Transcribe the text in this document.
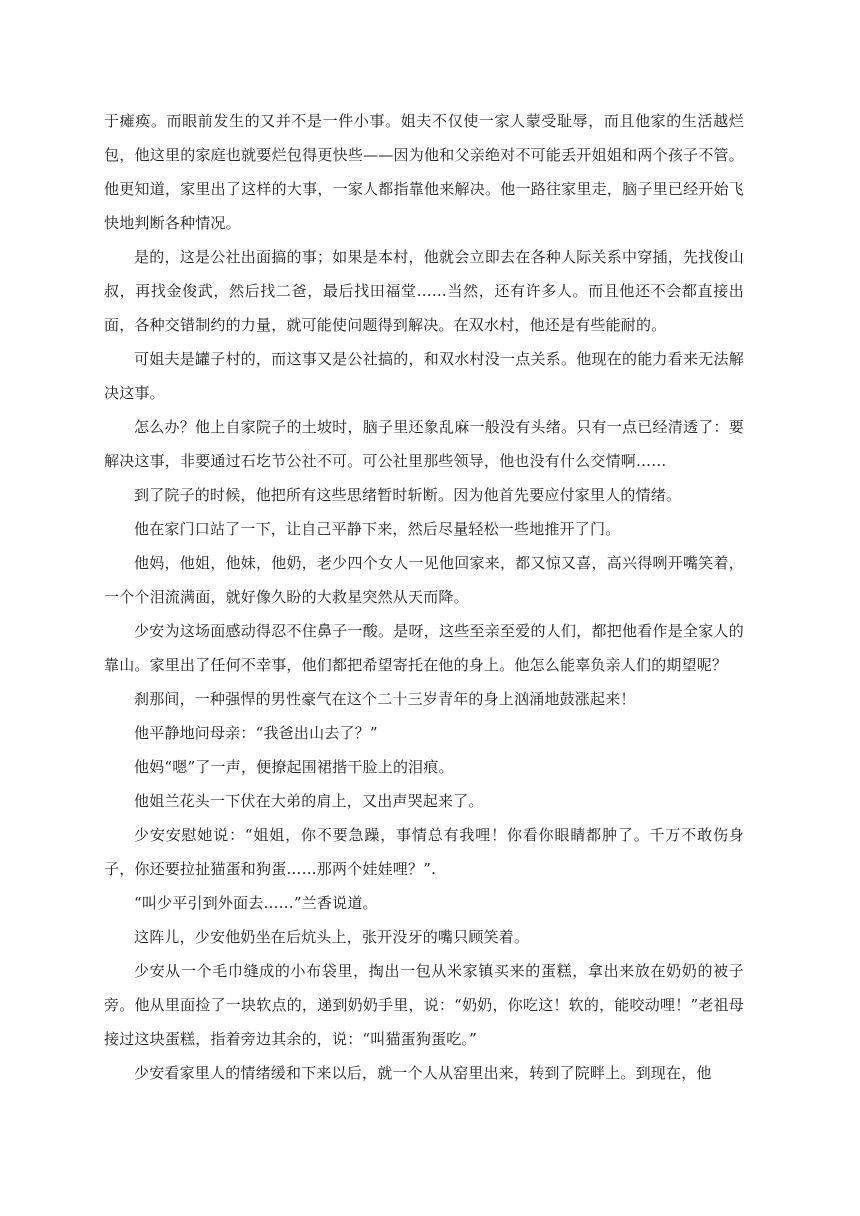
于瘫痪。而眼前发生的又并不是一件小事。姐夫不仅使一家人蒙受耻辱，而且他家的生活越烂包，他这里的家庭也就要烂包得更快些——因为他和父亲绝对不可能丢开姐姐和两个孩子不管。他更知道，家里出了这样的大事，一家人都指靠他来解决。他一路往家里走，脑子里已经开始飞快地判断各种情况。

是的，这是公社出面搞的事；如果是本村，他就会立即去在各种人际关系中穿插，先找俊山叔，再找金俊武，然后找二爸，最后找田福堂……当然，还有许多人。而且他还不会都直接出面，各种交错制约的力量，就可能使问题得到解决。在双水村，他还是有些能耐的。

可姐夫是罐子村的，而这事又是公社搞的，和双水村没一点关系。他现在的能力看来无法解决这事。

怎么办？他上自家院子的土坡时，脑子里还象乱麻一般没有头绪。只有一点已经清透了：要解决这事，非要通过石圪节公社不可。可公社里那些领导，他也没有什么交情啊……

到了院子的时候，他把所有这些思绪暂时斩断。因为他首先要应付家里人的情绪。

他在家门口站了一下，让自己平静下来，然后尽量轻松一些地推开了门。

他妈，他姐，他妹，他奶，老少四个女人一见他回家来，都又惊又喜，高兴得咧开嘴笑着，一个个泪流满面，就好像久盼的大救星突然从天而降。

少安为这场面感动得忍不住鼻子一酸。是呀，这些至亲至爱的人们，都把他看作是全家人的靠山。家里出了任何不幸事，他们都把希望寄托在他的身上。他怎么能辜负亲人们的期望呢？

刹那间，一种强悍的男性豪气在这个二十三岁青年的身上汹涌地鼓涨起来！

他平静地问母亲：“我爸出山去了？”

他妈“嗯”了一声，便撩起围裙揩干脸上的泪痕。

他姐兰花头一下伏在大弟的肩上，又出声哭起来了。

少安安慰她说：“姐姐，你不要急躁，事情总有我哩！你看你眼睛都肿了。千万不敢伤身子，你还要拉扯猫蛋和狗蛋……那两个娃娃哩？”.

“叫少平引到外面去……”兰香说道。

这阵儿，少安他奶坐在后炕头上，张开没牙的嘴只顾笑着。

少安从一个毛巾缝成的小布袋里，掏出一包从米家镇买来的蛋糕，拿出来放在奶奶的被子旁。他从里面捡了一块软点的，递到奶奶手里，说：“奶奶，你吃这！软的，能咬动哩！”老祖母接过这块蛋糕，指着旁边其余的，说：“叫猫蛋狗蛋吃。”

少安看家里人的情绪缓和下来以后，就一个人从窑里出来，转到了院畔上。到现在，他
